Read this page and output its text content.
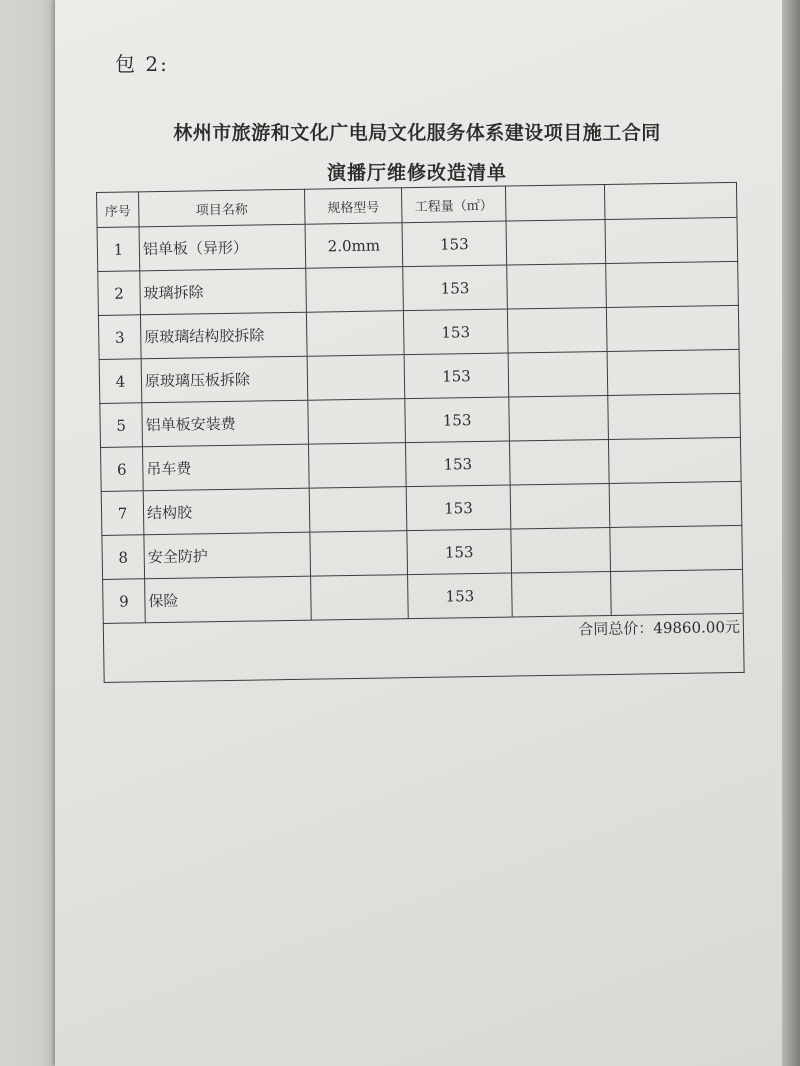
包 2:
林州市旅游和文化广电局文化服务体系建设项目施工合同
演播厅维修改造清单
序号	项目名称	规格型号	工程量（㎡）		
1	铝单板（异形）	2.0mm	153		
2	玻璃拆除		153		
3	原玻璃结构胶拆除		153		
4	原玻璃压板拆除		153		
5	铝单板安装费		153		
6	吊车费		153		
7	结构胶		153		
8	安全防护		153		
9	保险		153		

合同总价：49860.00元					
